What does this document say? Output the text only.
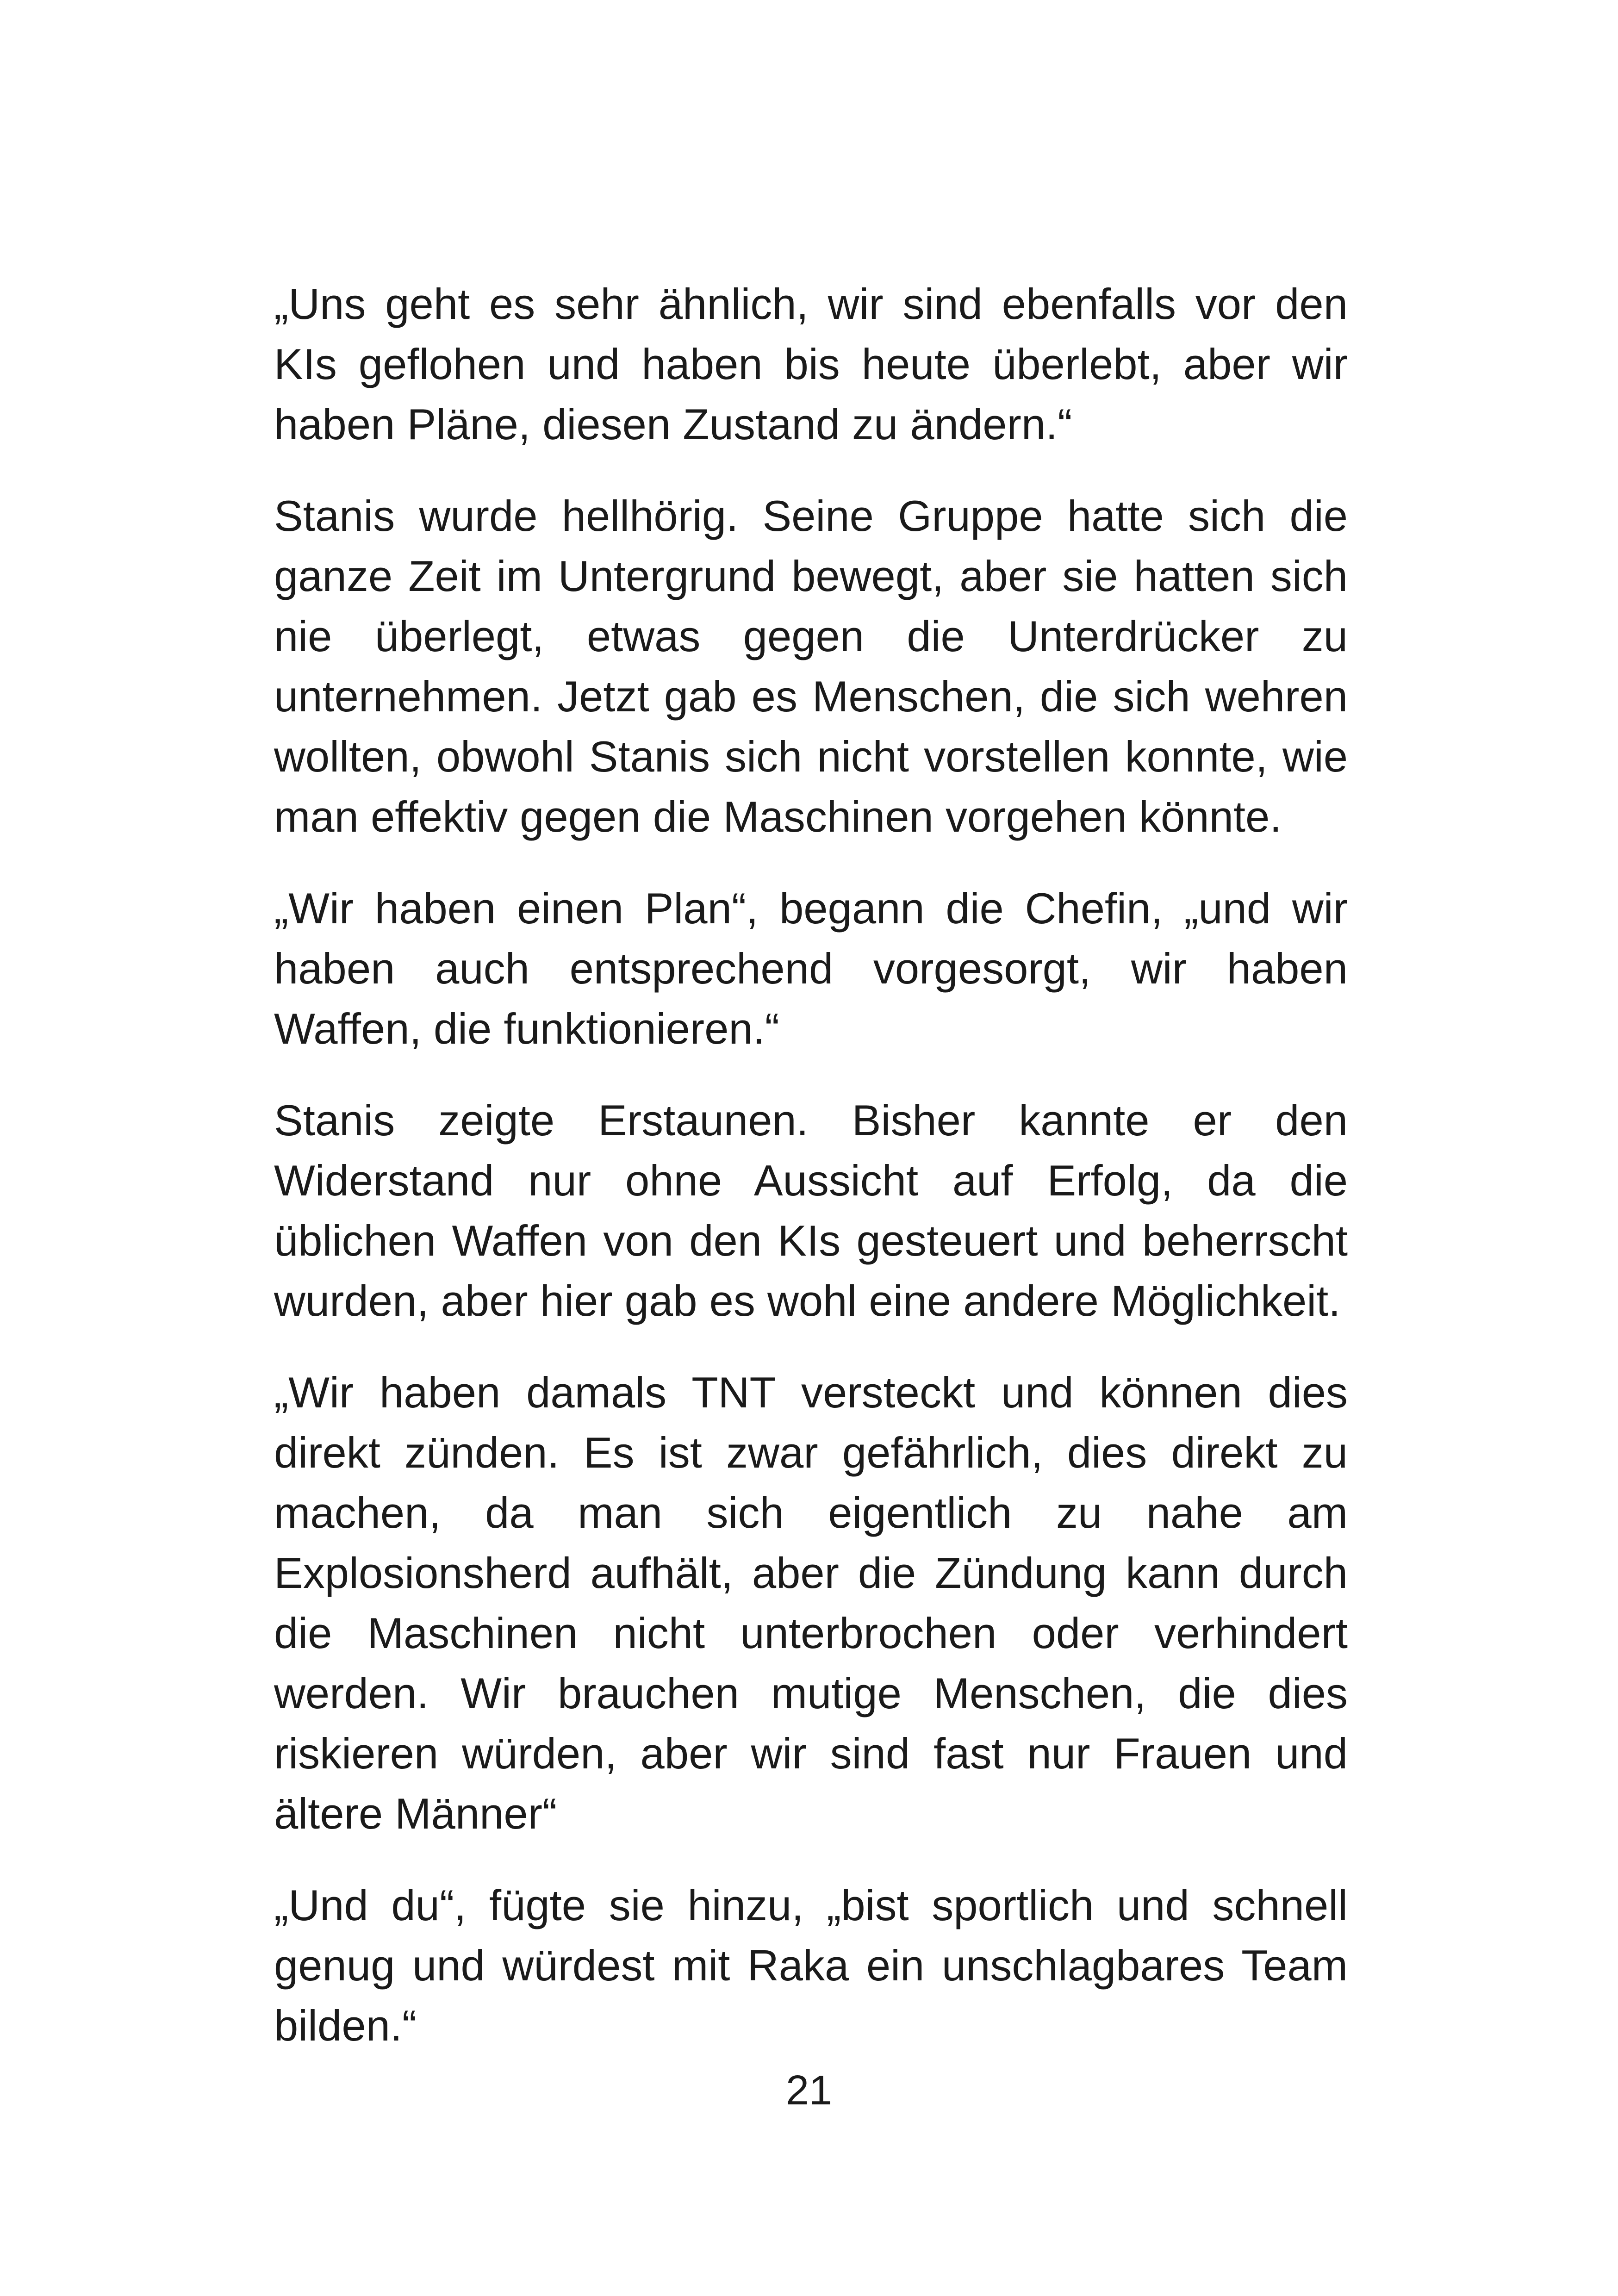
„Uns geht es sehr ähnlich, wir sind ebenfalls vor den KIs geflohen und haben bis heute überlebt, aber wir haben Pläne, diesen Zustand zu ändern.“

Stanis wurde hellhörig. Seine Gruppe hatte sich die ganze Zeit im Untergrund bewegt, aber sie hatten sich nie überlegt, etwas gegen die Unterdrücker zu unternehmen. Jetzt gab es Menschen, die sich wehren wollten, obwohl Stanis sich nicht vorstellen konnte, wie man effektiv gegen die Maschinen vorgehen könnte.

„Wir haben einen Plan“, begann die Chefin, „und wir haben auch entsprechend vorgesorgt, wir haben Waffen, die funktionieren.“

Stanis zeigte Erstaunen. Bisher kannte er den Widerstand nur ohne Aussicht auf Erfolg, da die üblichen Waffen von den KIs gesteuert und beherrscht wurden, aber hier gab es wohl eine andere Möglichkeit.

„Wir haben damals TNT versteckt und können dies direkt zünden. Es ist zwar gefährlich, dies direkt zu machen, da man sich eigentlich zu nahe am Explosionsherd aufhält, aber die Zündung kann durch die Maschinen nicht unterbrochen oder verhindert werden. Wir brauchen mutige Menschen, die dies riskieren würden, aber wir sind fast nur Frauen und ältere Männer“

„Und du“, fügte sie hinzu, „bist sportlich und schnell genug und würdest mit Raka ein unschlagbares Team bilden.“

21
